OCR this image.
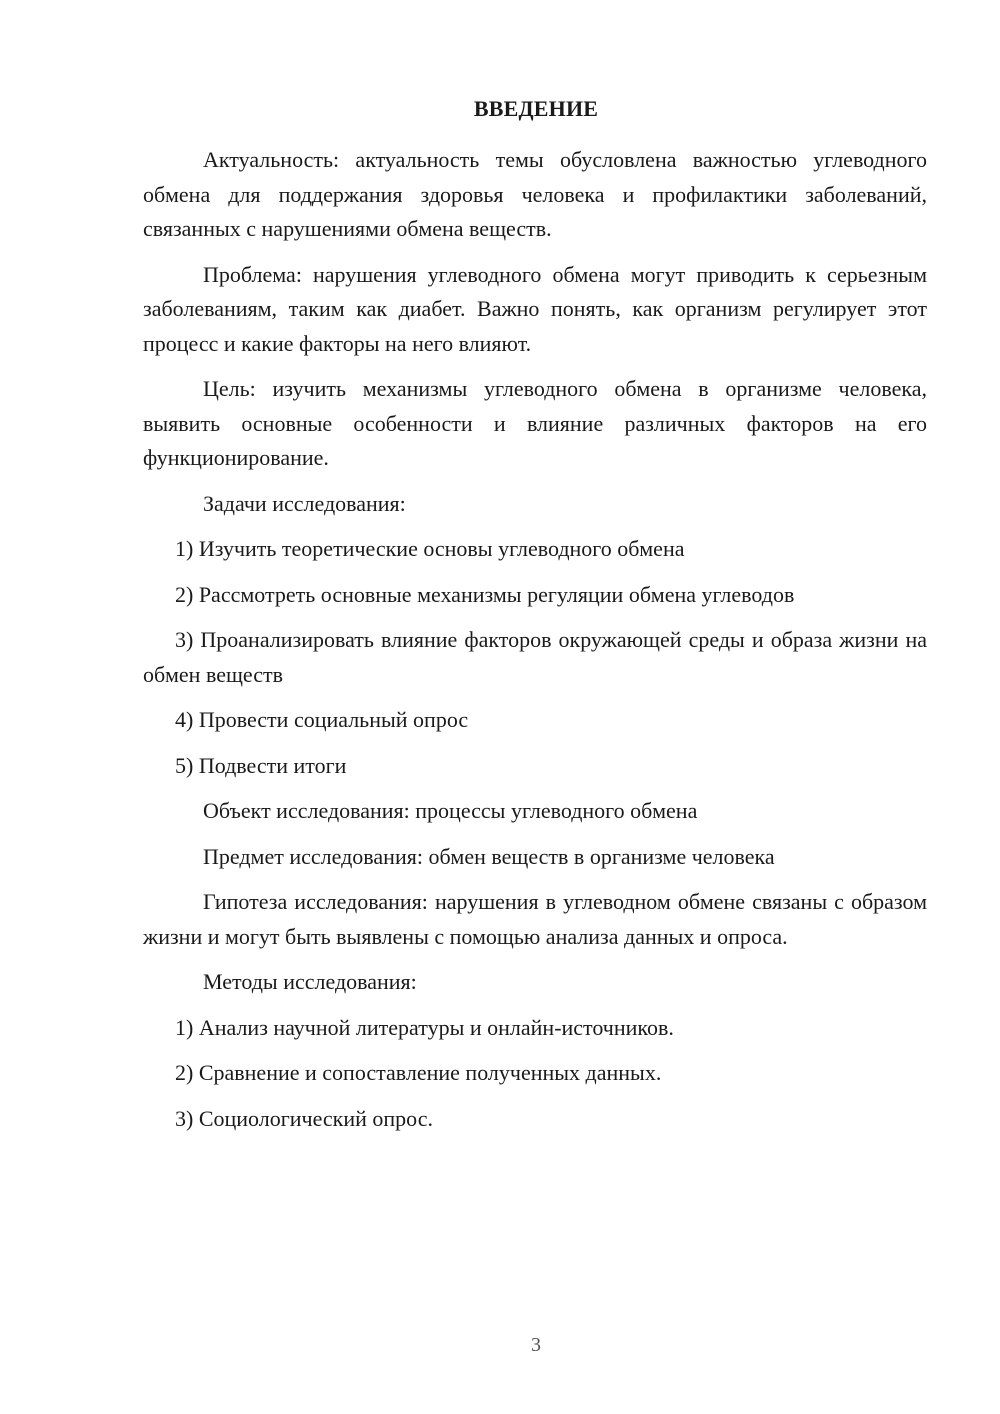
ВВЕДЕНИЕ

Актуальность: актуальность темы обусловлена важностью углеводного обмена для поддержания здоровья человека и профилактики заболеваний, связанных с нарушениями обмена веществ.

Проблема: нарушения углеводного обмена могут приводить к серьезным заболеваниям, таким как диабет. Важно понять, как организм регулирует этот процесс и какие факторы на него влияют.

Цель: изучить механизмы углеводного обмена в организме человека, выявить основные особенности и влияние различных факторов на его функционирование.

Задачи исследования:

1) Изучить теоретические основы углеводного обмена

2) Рассмотреть основные механизмы регуляции обмена углеводов

3) Проанализировать влияние факторов окружающей среды и образа жизни на обмен веществ

4) Провести социальный опрос

5) Подвести итоги

Объект исследования: процессы углеводного обмена

Предмет исследования: обмен веществ в организме человека

Гипотеза исследования: нарушения в углеводном обмене связаны с образом жизни и могут быть выявлены с помощью анализа данных и опроса.

Методы исследования:

1) Анализ научной литературы и онлайн-источников.

2) Сравнение и сопоставление полученных данных.

3) Социологический опрос.

3
